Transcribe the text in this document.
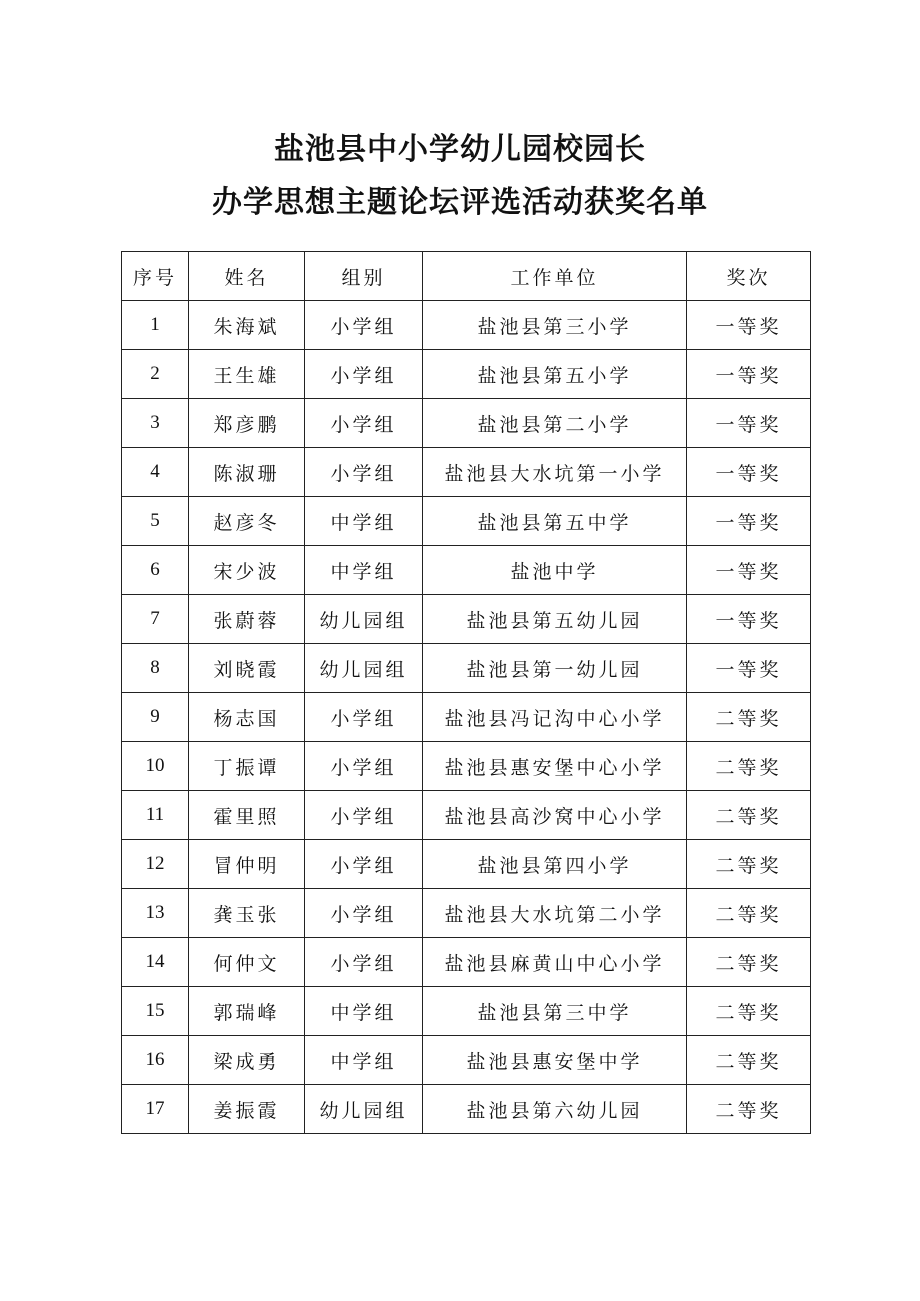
盐池县中小学幼儿园校园长
办学思想主题论坛评选活动获奖名单
序号	姓名	组别	工作单位	奖次
1	朱海斌	小学组	盐池县第三小学	一等奖
2	王生雄	小学组	盐池县第五小学	一等奖
3	郑彦鹏	小学组	盐池县第二小学	一等奖
4	陈淑珊	小学组	盐池县大水坑第一小学	一等奖
5	赵彦冬	中学组	盐池县第五中学	一等奖
6	宋少波	中学组	盐池中学	一等奖
7	张蔚蓉	幼儿园组	盐池县第五幼儿园	一等奖
8	刘晓霞	幼儿园组	盐池县第一幼儿园	一等奖
9	杨志国	小学组	盐池县冯记沟中心小学	二等奖
10	丁振谭	小学组	盐池县惠安堡中心小学	二等奖
11	霍里照	小学组	盐池县高沙窝中心小学	二等奖
12	冒仲明	小学组	盐池县第四小学	二等奖
13	龚玉张	小学组	盐池县大水坑第二小学	二等奖
14	何仲文	小学组	盐池县麻黄山中心小学	二等奖
15	郭瑞峰	中学组	盐池县第三中学	二等奖
16	梁成勇	中学组	盐池县惠安堡中学	二等奖
17	姜振霞	幼儿园组	盐池县第六幼儿园	二等奖
